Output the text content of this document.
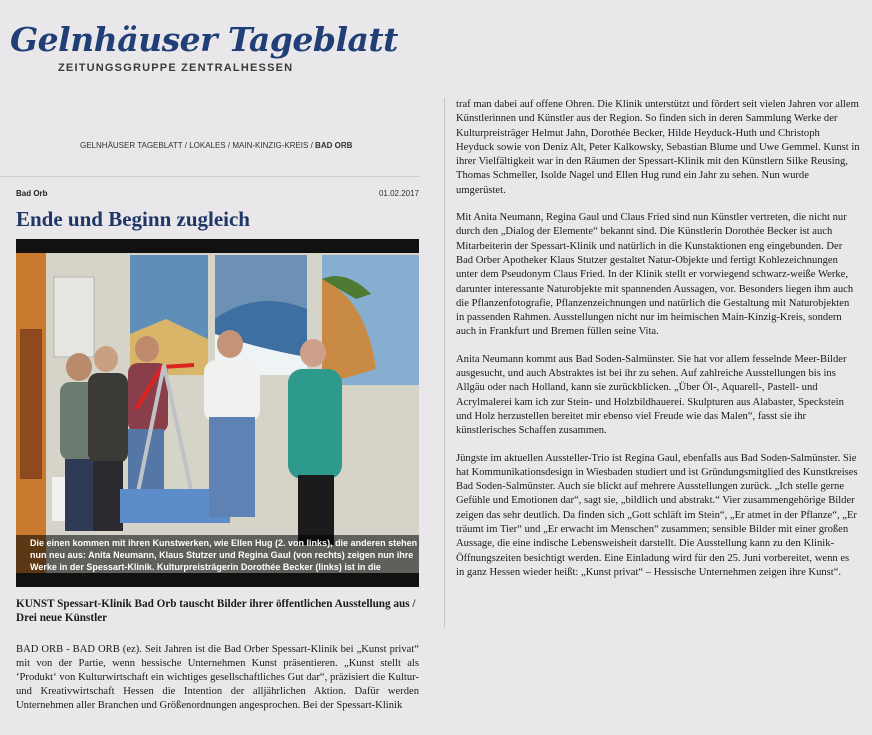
Gelnhäuser Tageblatt
ZEITUNGSGRUPPE ZENTRALHESSEN
GELNHÄUSER TAGEBLATT / LOKALES / MAIN-KINZIG-KREIS / BAD ORB
Bad Orb	01.02.2017
Ende und Beginn zugleich
Die einen kommen mit ihren Kunstwerken, wie Ellen Hug (2. von links), die anderen stehen nun neu aus: Anita Neumann, Klaus Stutzer und Regina Gaul (von rechts) zeigen nun ihre Werke in der Spessart-Klinik. Kulturpreisträgerin Dorothée Becker (links) ist in die
KUNST Spessart-Klinik Bad Orb tauscht Bilder ihrer öffentlichen Ausstellung aus / Drei neue Künstler

BAD ORB - BAD ORB (ez). Seit Jahren ist die Bad Orber Spessart-Klinik bei „Kunst privat“ mit von der Partie, wenn hessische Unternehmen Kunst präsentieren. „Kunst stellt als ‘Produkt‘ von Kulturwirtschaft ein wichtiges gesellschaftliches Gut dar“, präzisiert die Kultur- und Kreativwirtschaft Hessen die Intention der alljährlichen Aktion. Dafür werden Unternehmen aller Branchen und Größenordnungen angesprochen. Bei der Spessart-Klinik

traf man dabei auf offene Ohren. Die Klinik unterstützt und fördert seit vielen Jahren vor allem Künstlerinnen und Künstler aus der Region. So finden sich in deren Sammlung Werke der Kulturpreisträger Helmut Jahn, Dorothée Becker, Hilde Heyduck-Huth und Christoph Heyduck sowie von Deniz Alt, Peter Kalkowsky, Sebastian Blume und Uwe Gemmel. Kunst in ihrer Vielfältigkeit war in den Räumen der Spessart-Klinik mit den Künstlern Silke Reusing, Thomas Schmeller, Isolde Nagel und Ellen Hug rund ein Jahr zu sehen. Nun wurde umgerüstet.

Mit Anita Neumann, Regina Gaul und Claus Fried sind nun Künstler vertreten, die nicht nur durch den „Dialog der Elemente“ bekannt sind. Die Künstlerin Dorothée Becker ist auch Mitarbeiterin der Spessart-Klinik und natürlich in die Kunstaktionen eng eingebunden. Der Bad Orber Apotheker Klaus Stutzer gestaltet Natur-Objekte und fertigt Kohlezeichnungen unter dem Pseudonym Claus Fried. In der Klinik stellt er vorwiegend schwarz-weiße Werke, darunter interessante Naturobjekte mit spannenden Aussagen, vor. Besonders liegen ihm auch die Pflanzenfotografie, Pflanzenzeichnungen und natürlich die Gestaltung mit Naturobjekten in passenden Rahmen. Ausstellungen nicht nur im heimischen Main-Kinzig-Kreis, sondern auch in Frankfurt und Bremen füllen seine Vita.

Anita Neumann kommt aus Bad Soden-Salmünster. Sie hat vor allem fesselnde Meer-Bilder ausgesucht, und auch Abstraktes ist bei ihr zu sehen. Auf zahlreiche Ausstellungen bis ins Allgäu oder nach Holland, kann sie zurückblicken. „Über Öl-, Aquarell-, Pastell- und Acrylmalerei kam ich zur Stein- und Holzbildhauerei. Skulpturen aus Alabaster, Speckstein und Holz herzustellen bereitet mir ebenso viel Freude wie das Malen“, fasst sie ihr künstlerisches Schaffen zusammen.

Jüngste im aktuellen Aussteller-Trio ist Regina Gaul, ebenfalls aus Bad Soden-Salmünster. Sie hat Kommunikationsdesign in Wiesbaden studiert und ist Gründungsmitglied des Kunstkreises Bad Soden-Salmünster. Auch sie blickt auf mehrere Ausstellungen zurück. „Ich stelle gerne Gefühle und Emotionen dar“, sagt sie, „bildlich und abstrakt.“ Vier zusammengehörige Bilder zeigen das sehr deutlich. Da finden sich „Gott schläft im Stein“, „Er atmet in der Pflanze“, „Er träumt im Tier“ und „Er erwacht im Menschen“ zusammen; sensible Bilder mit einer großen Aussage, die eine indische Lebensweisheit darstellt. Die Ausstellung kann zu den Klinik-Öffnungszeiten besichtigt werden. Eine Einladung wird für den 25. Juni vorbereitet, wenn es in ganz Hessen wieder heißt: „Kunst privat“ – Hessische Unternehmen zeigen ihre Kunst“.
